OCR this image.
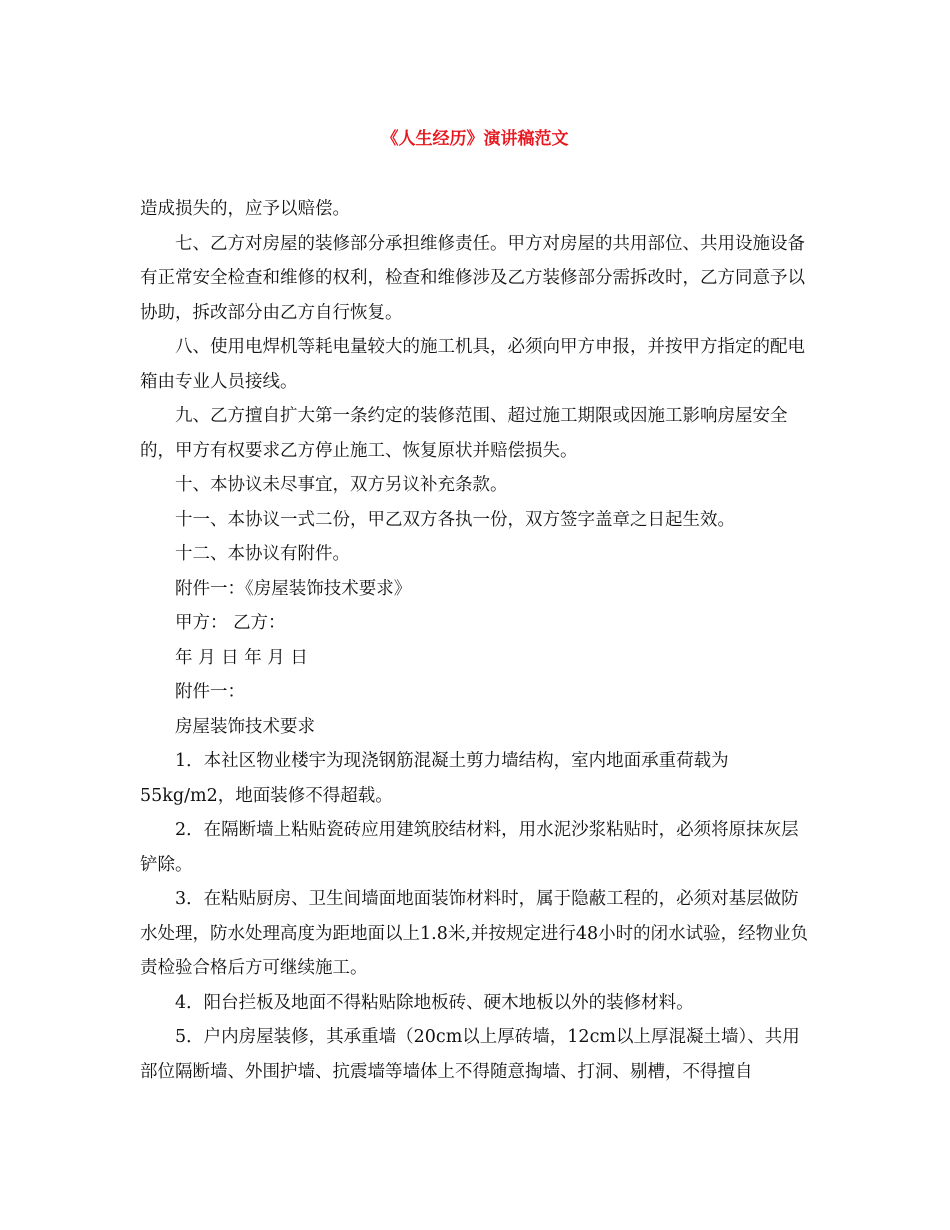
《人生经历》演讲稿范文

造成损失的，应予以赔偿。

七、乙方对房屋的装修部分承担维修责任。甲方对房屋的共用部位、共用设施设备有正常安全检查和维修的权利，检查和维修涉及乙方装修部分需拆改时，乙方同意予以协助，拆改部分由乙方自行恢复。

八、使用电焊机等耗电量较大的施工机具，必须向甲方申报，并按甲方指定的配电箱由专业人员接线。

九、乙方擅自扩大第一条约定的装修范围、超过施工期限或因施工影响房屋安全的，甲方有权要求乙方停止施工、恢复原状并赔偿损失。

十、本协议未尽事宜，双方另议补充条款。

十一、本协议一式二份，甲乙双方各执一份，双方签字盖章之日起生效。

十二、本协议有附件。

附件一：《房屋装饰技术要求》

甲方： 乙方：

年 月 日 年 月 日

附件一：

房屋装饰技术要求

1．本社区物业楼宇为现浇钢筋混凝土剪力墙结构，室内地面承重荷载为55kg/m2，地面装修不得超载。

2．在隔断墙上粘贴瓷砖应用建筑胶结材料，用水泥沙浆粘贴时，必须将原抹灰层铲除。

3．在粘贴厨房、卫生间墙面地面装饰材料时，属于隐蔽工程的，必须对基层做防水处理，防水处理高度为距地面以上1.8米,并按规定进行48小时的闭水试验，经物业负责检验合格后方可继续施工。

4．阳台拦板及地面不得粘贴除地板砖、硬木地板以外的装修材料。

5．户内房屋装修，其承重墙（20cm以上厚砖墙，12cm以上厚混凝土墙）、共用部位隔断墙、外围护墙、抗震墙等墙体上不得随意掏墙、打洞、剔槽，不得擅自
